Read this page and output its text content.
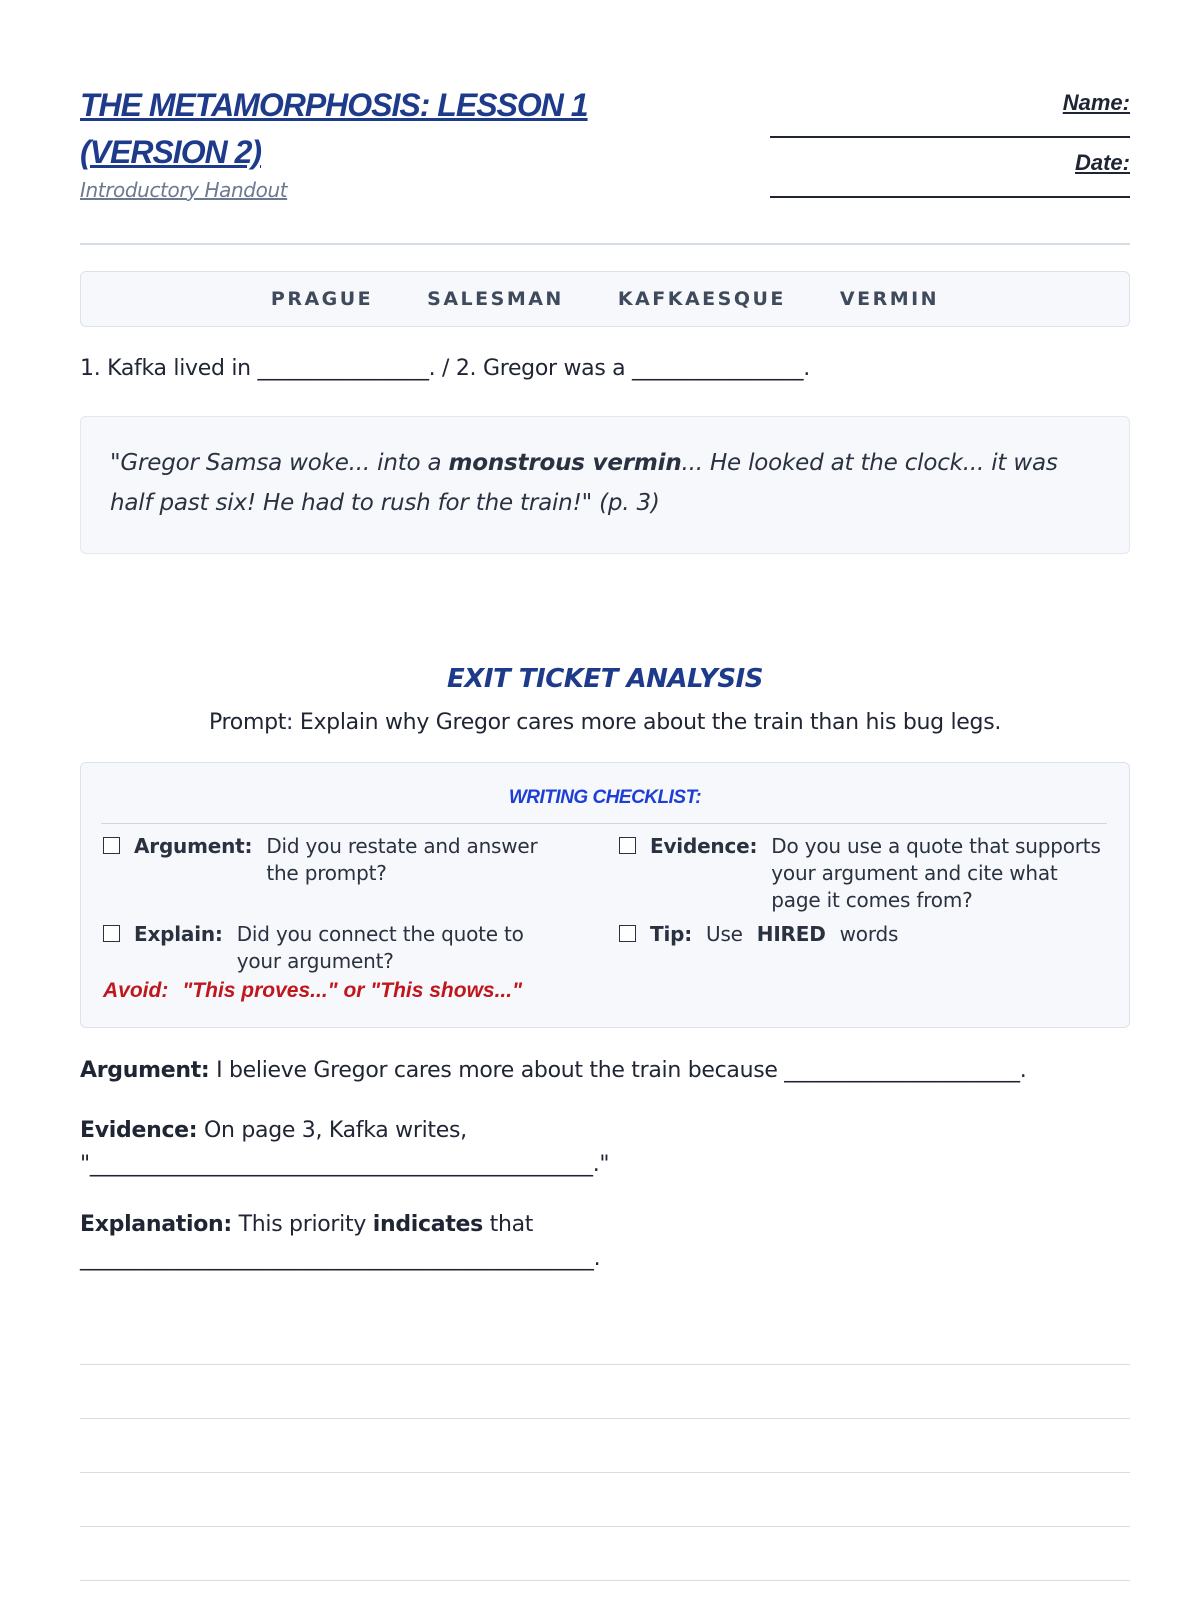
THE METAMORPHOSIS: LESSON 1
(VERSION 2)
Introductory Handout
Name:
Date:
PRAGUE	SALESMAN	KAFKAESQUE	VERMIN
1. Kafka lived in ________________. / 2. Gregor was a ________________.
"Gregor Samsa woke... into a monstrous vermin... He looked at the clock... it was half past six! He had to rush for the train!" (p. 3)
EXIT TICKET ANALYSIS
Prompt: Explain why Gregor cares more about the train than his bug legs.
WRITING CHECKLIST:
Argument: Did you restate and answer the prompt?
Evidence: Do you use a quote that supports your argument and cite what page it comes from?
Explain: Did you connect the quote to your argument?
Tip: Use HIRED words
Avoid: "This proves..." or "This shows..."
Argument: I believe Gregor cares more about the train because ______________________.
Evidence: On page 3, Kafka writes,
"_______________________________________________."
Explanation: This priority indicates that
________________________________________________.
